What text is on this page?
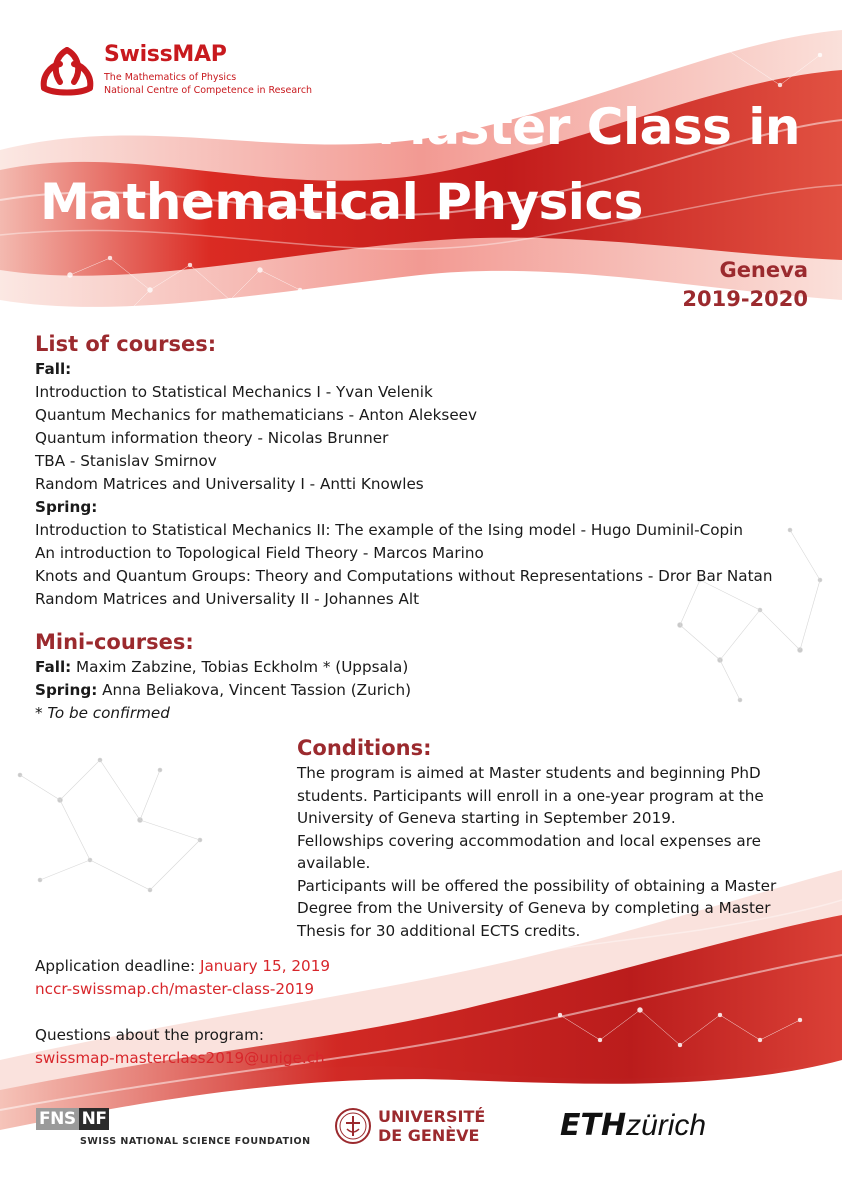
SwissMAP
The Mathematics of Physics
National Centre of Competence in Research
Master Class in
Mathematical Physics
Geneva
2019-2020
List of courses:
Fall:
Introduction to Statistical Mechanics I - Yvan Velenik
Quantum Mechanics for mathematicians - Anton Alekseev
Quantum information theory - Nicolas Brunner
TBA - Stanislav Smirnov
Random Matrices and Universality I - Antti Knowles
Spring:
Introduction to Statistical Mechanics II: The example of the Ising model - Hugo Duminil-Copin
An introduction to Topological Field Theory - Marcos Marino
Knots and Quantum Groups: Theory and Computations without Representations - Dror Bar Natan
Random Matrices and Universality II - Johannes Alt
Mini-courses:
Fall: Maxim Zabzine, Tobias Eckholm * (Uppsala)
Spring: Anna Beliakova, Vincent Tassion (Zurich)
* To be confirmed
Conditions:
The program is aimed at Master students and beginning PhD
students. Participants will enroll in a one-year program at the
University of Geneva starting in September 2019.
Fellowships covering accommodation and local expenses are
available.
Participants will be offered the possibility of obtaining a Master
Degree from the University of Geneva by completing a Master
Thesis for 30 additional ECTS credits.
Application deadline: January 15, 2019
nccr-swissmap.ch/master-class-2019
Questions about the program:
swissmap-masterclass2019@unige.ch
FNS NF
SWISS NATIONAL SCIENCE FOUNDATION
UNIVERSITÉ
DE GENÈVE	ETHzürich
